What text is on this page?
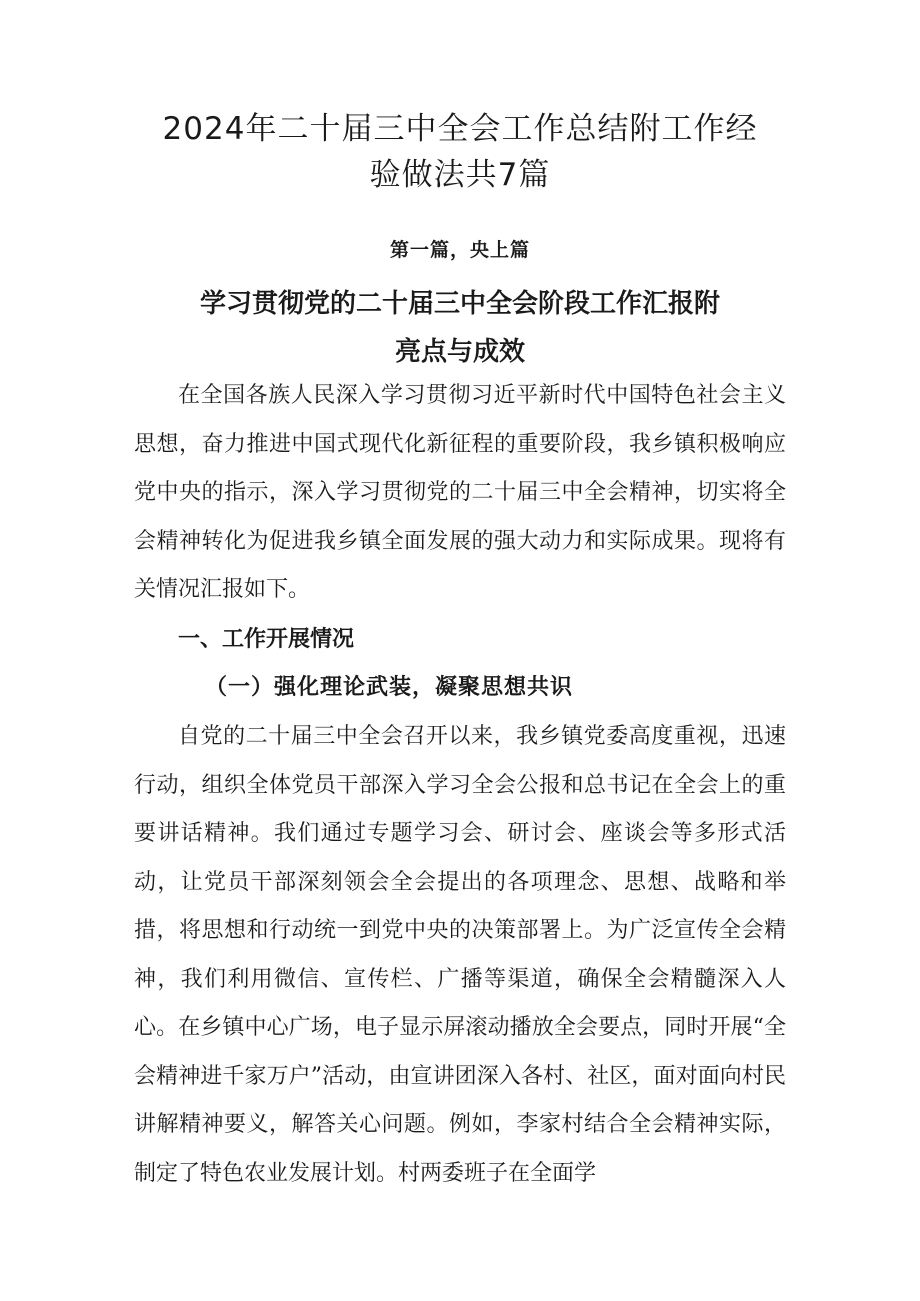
2024年二十届三中全会工作总结附工作经
验做法共7篇
第一篇，央上篇
学习贯彻党的二十届三中全会阶段工作汇报附
亮点与成效

在全国各族人民深入学习贯彻习近平新时代中国特色社会主义思想，奋力推进中国式现代化新征程的重要阶段，我乡镇积极响应党中央的指示，深入学习贯彻党的二十届三中全会精神，切实将全会精神转化为促进我乡镇全面发展的强大动力和实际成果。现将有关情况汇报如下。

一、工作开展情况
（一）强化理论武装，凝聚思想共识

自党的二十届三中全会召开以来，我乡镇党委高度重视，迅速行动，组织全体党员干部深入学习全会公报和总书记在全会上的重要讲话精神。我们通过专题学习会、研讨会、座谈会等多形式活动，让党员干部深刻领会全会提出的各项理念、思想、战略和举措，将思想和行动统一到党中央的决策部署上。为广泛宣传全会精神，我们利用微信、宣传栏、广播等渠道，确保全会精髓深入人心。在乡镇中心广场，电子显示屏滚动播放全会要点，同时开展“全会精神进千家万户”活动，由宣讲团深入各村、社区，面对面向村民讲解精神要义，解答关心问题。例如，李家村结合全会精神实际，制定了特色农业发展计划。村两委班子在全面学
